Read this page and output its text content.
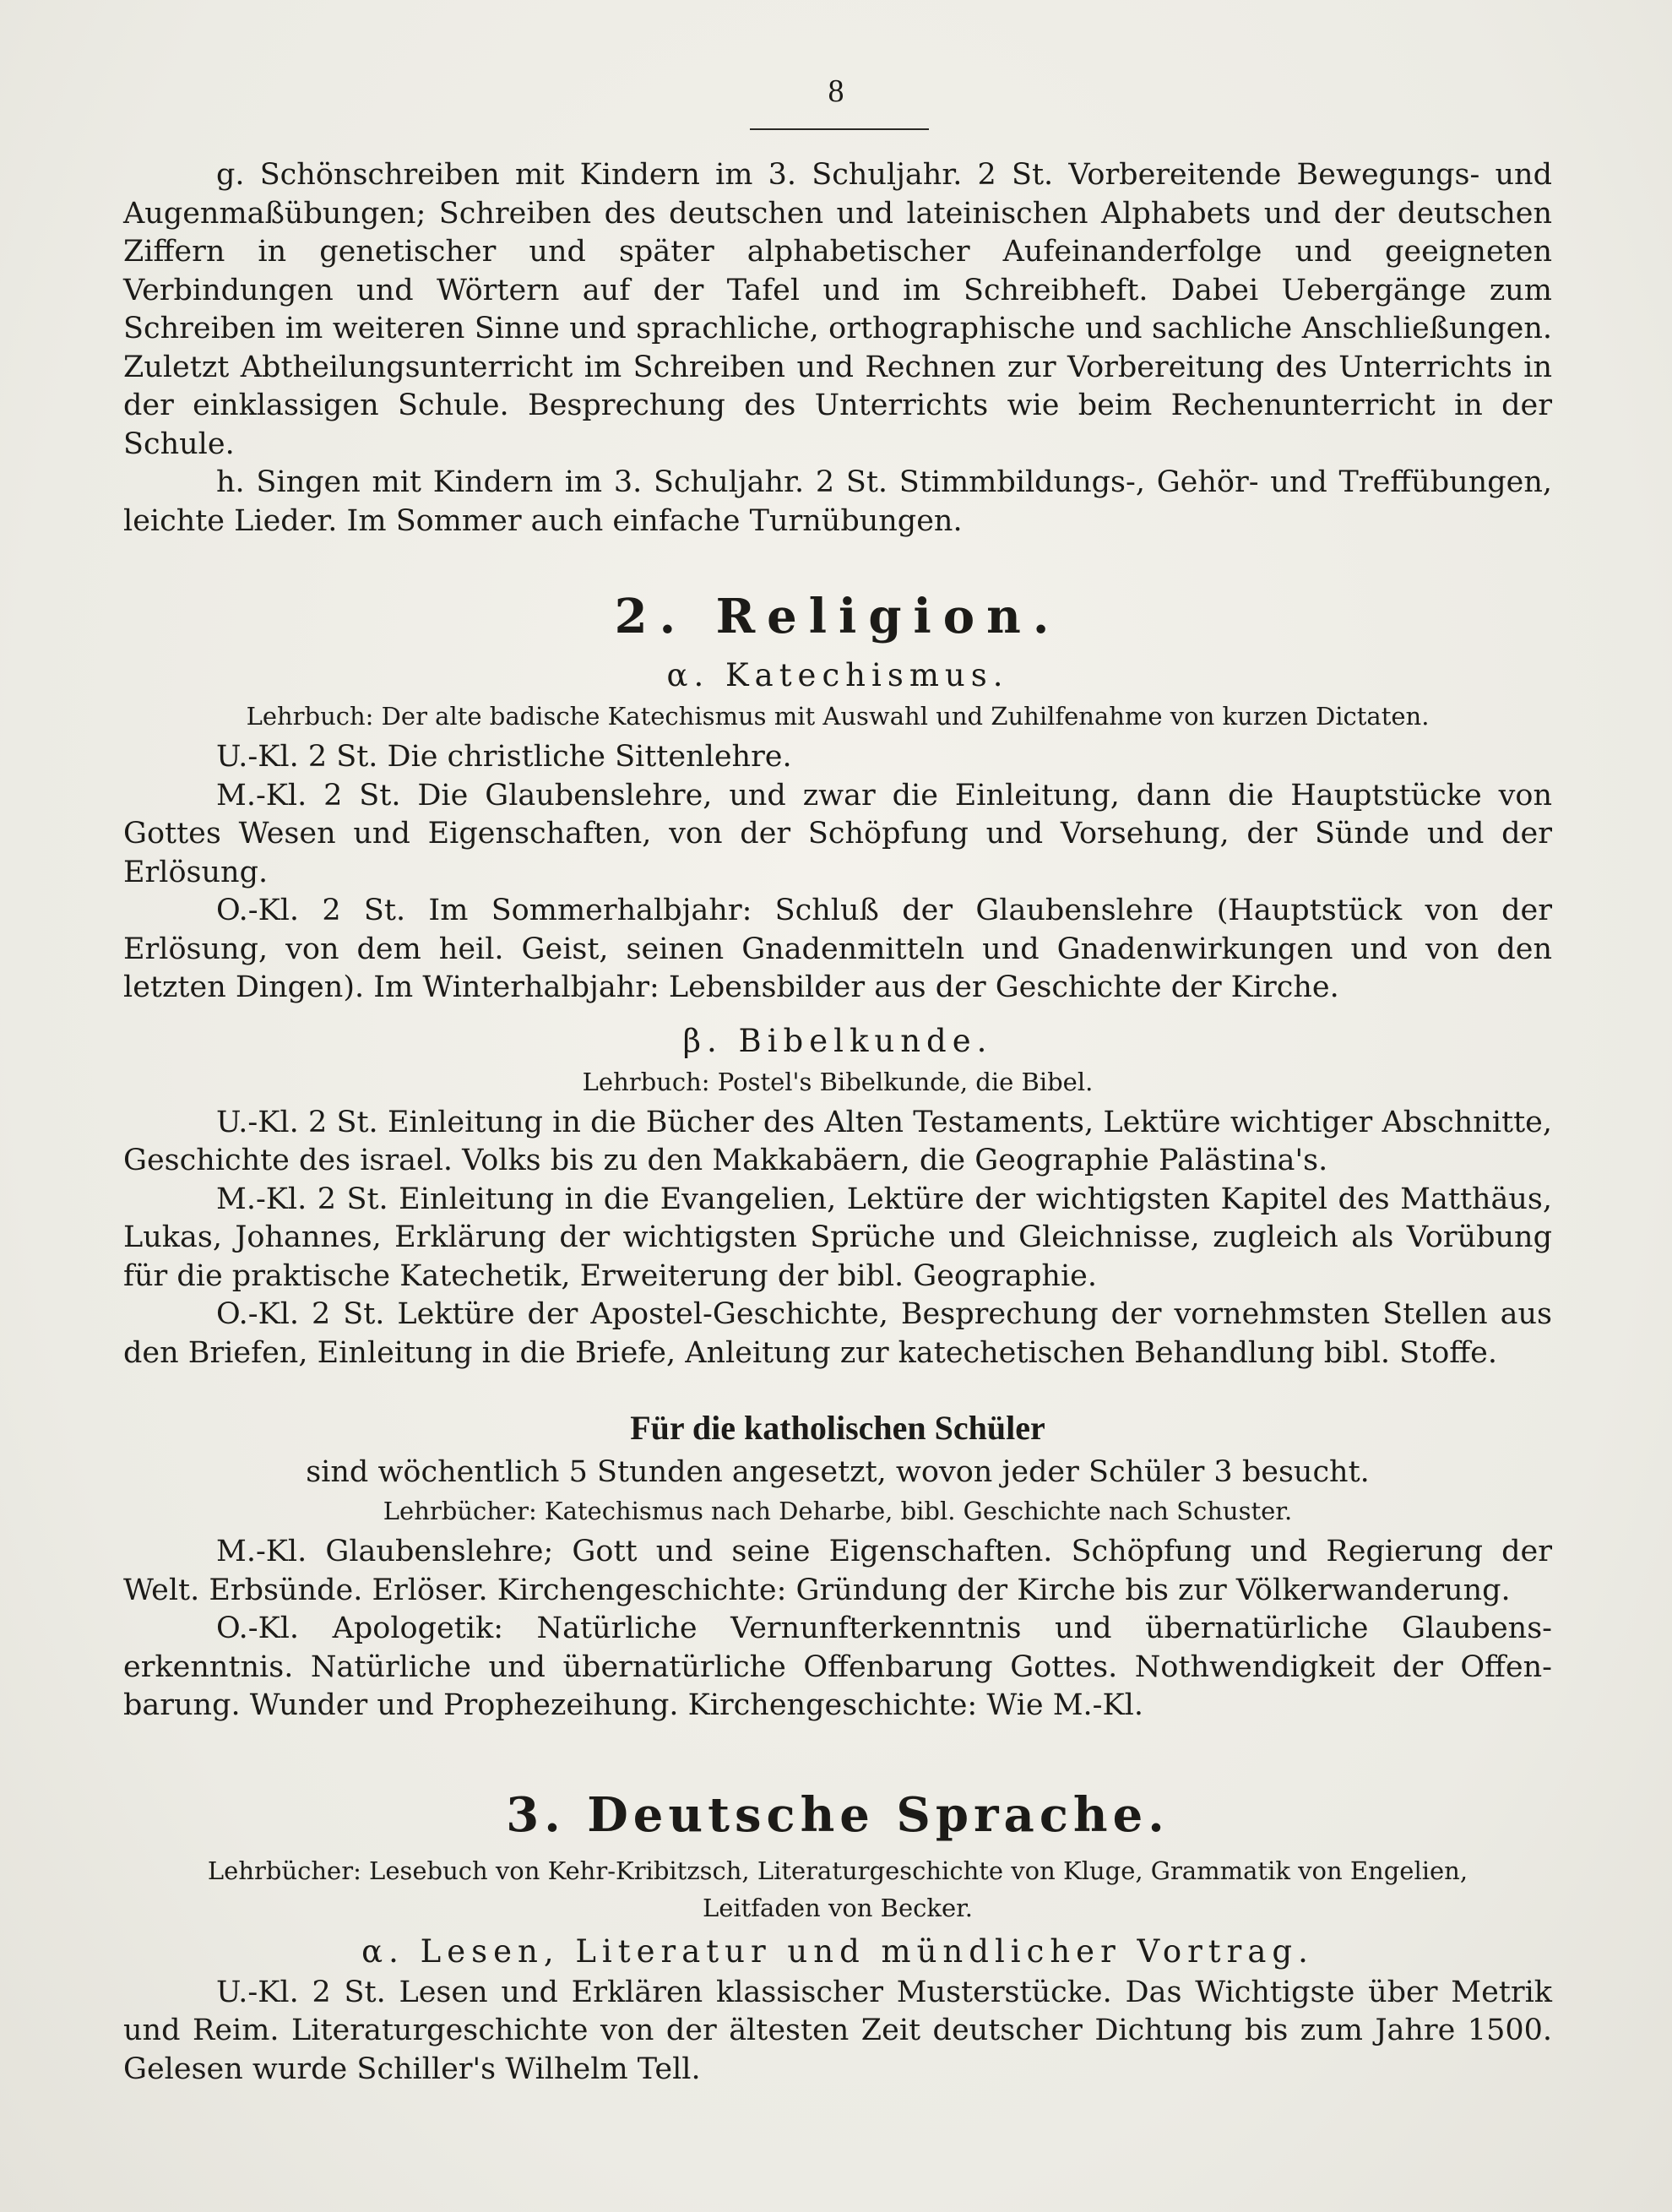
8

g. Schönschreiben mit Kindern im 3. Schuljahr. 2 St. Vorbereitende Bewegungs- und Augenmaßübungen; Schreiben des deutschen und lateinischen Alphabets und der deutschen Ziffern in genetischer und später alphabetischer Aufeinanderfolge und geeigneten Verbindungen und Wörtern auf der Tafel und im Schreibheft. Dabei Uebergänge zum Schreiben im weiteren Sinne und sprachliche, orthographische und sachliche Anschließungen. Zuletzt Abtheilungsunterricht im Schreiben und Rechnen zur Vorbereitung des Unterrichts in der einklassigen Schule. Besprechung des Unterrichts wie beim Rechenunterricht in der Schule.

h. Singen mit Kindern im 3. Schuljahr. 2 St. Stimmbildungs-, Gehör- und Treffübungen, leichte Lieder. Im Sommer auch einfache Turnübungen.

2. Religion.
α. Katechismus.
Lehrbuch: Der alte badische Katechismus mit Auswahl und Zuhilfenahme von kurzen Dictaten.

U.-Kl. 2 St. Die christliche Sittenlehre.

M.-Kl. 2 St. Die Glaubenslehre, und zwar die Einleitung, dann die Hauptstücke von Gottes Wesen und Eigenschaften, von der Schöpfung und Vorsehung, der Sünde und der Erlösung.

O.-Kl. 2 St. Im Sommerhalbjahr: Schluß der Glaubenslehre (Hauptstück von der Erlösung, von dem heil. Geist, seinen Gnadenmitteln und Gnadenwirkungen und von den letzten Dingen). Im Winterhalbjahr: Lebensbilder aus der Geschichte der Kirche.

β. Bibelkunde.
Lehrbuch: Postel's Bibelkunde, die Bibel.

U.-Kl. 2 St. Einleitung in die Bücher des Alten Testaments, Lektüre wichtiger Abschnitte, Geschichte des israel. Volks bis zu den Makkabäern, die Geographie Palästina's.

M.-Kl. 2 St. Einleitung in die Evangelien, Lektüre der wichtigsten Kapitel des Matthäus, Lukas, Johannes, Erklärung der wichtigsten Sprüche und Gleichnisse, zugleich als Vorübung für die praktische Katechetik, Erweiterung der bibl. Geographie.

O.-Kl. 2 St. Lektüre der Apostel-Geschichte, Besprechung der vornehmsten Stellen aus den Briefen, Einleitung in die Briefe, Anleitung zur katechetischen Behandlung bibl. Stoffe.

Für die katholischen Schüler
sind wöchentlich 5 Stunden angesetzt, wovon jeder Schüler 3 besucht.
Lehrbücher: Katechismus nach Deharbe, bibl. Geschichte nach Schuster.

M.-Kl. Glaubenslehre; Gott und seine Eigenschaften. Schöpfung und Regierung der Welt. Erbsünde. Erlöser. Kirchengeschichte: Gründung der Kirche bis zur Völkerwanderung.

O.-Kl. Apologetik: Natürliche Vernunfterkenntnis und übernatürliche Glaubenserkenntnis. Natürliche und übernatürliche Offenbarung Gottes. Nothwendigkeit der Offenbarung. Wunder und Prophezeihung. Kirchengeschichte: Wie M.-Kl.

3. Deutsche Sprache.
Lehrbücher: Lesebuch von Kehr-Kribitzsch, Literaturgeschichte von Kluge, Grammatik von Engelien,
Leitfaden von Becker.
α. Lesen, Literatur und mündlicher Vortrag.

U.-Kl. 2 St. Lesen und Erklären klassischer Musterstücke. Das Wichtigste über Metrik und Reim. Literaturgeschichte von der ältesten Zeit deutscher Dichtung bis zum Jahre 1500. Gelesen wurde Schiller's Wilhelm Tell.
